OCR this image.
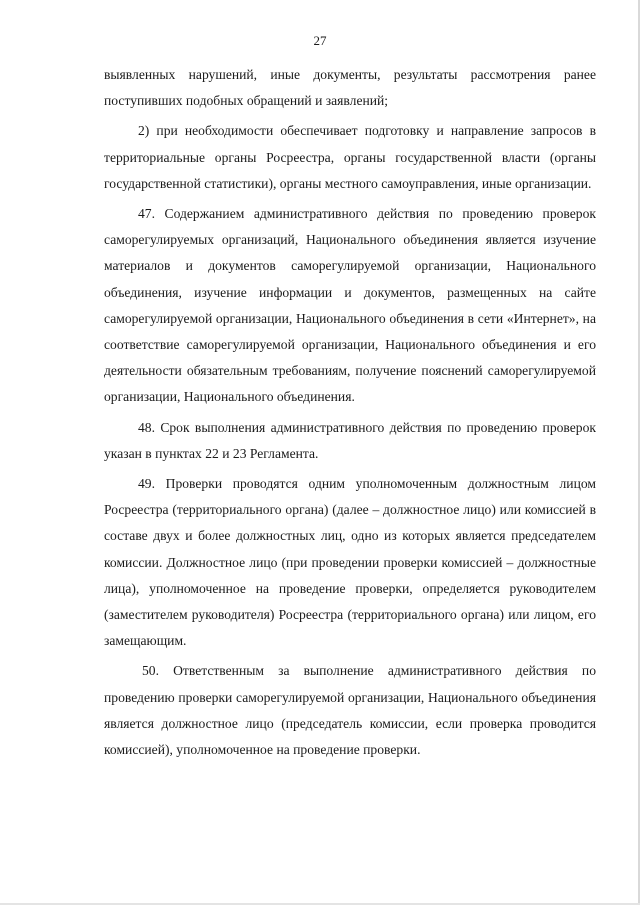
27

выявленных нарушений, иные документы, результаты рассмотрения ранее поступивших подобных обращений и заявлений;

2) при необходимости обеспечивает подготовку и направление запросов в территориальные органы Росреестра, органы государственной власти (органы государственной статистики), органы местного самоуправления, иные организации.

47. Содержанием административного действия по проведению проверок саморегулируемых организаций, Национального объединения является изучение материалов и документов саморегулируемой организации, Национального объединения, изучение информации и документов, размещенных на сайте саморегулируемой организации, Национального объединения в сети «Интернет», на соответствие саморегулируемой организации, Национального объединения и его деятельности обязательным требованиям, получение пояснений саморегулируемой организации, Национального объединения.

48. Срок выполнения административного действия по проведению проверок указан в пунктах 22 и 23 Регламента.

49. Проверки проводятся одним уполномоченным должностным лицом Росреестра (территориального органа) (далее – должностное лицо) или комиссией в составе двух и более должностных лиц, одно из которых является председателем комиссии. Должностное лицо (при проведении проверки комиссией – должностные лица), уполномоченное на проведение проверки, определяется руководителем (заместителем руководителя) Росреестра (территориального органа) или лицом, его замещающим.

50. Ответственным за выполнение административного действия по проведению проверки саморегулируемой организации, Национального объединения является должностное лицо (председатель комиссии, если проверка проводится комиссией), уполномоченное на проведение проверки.
